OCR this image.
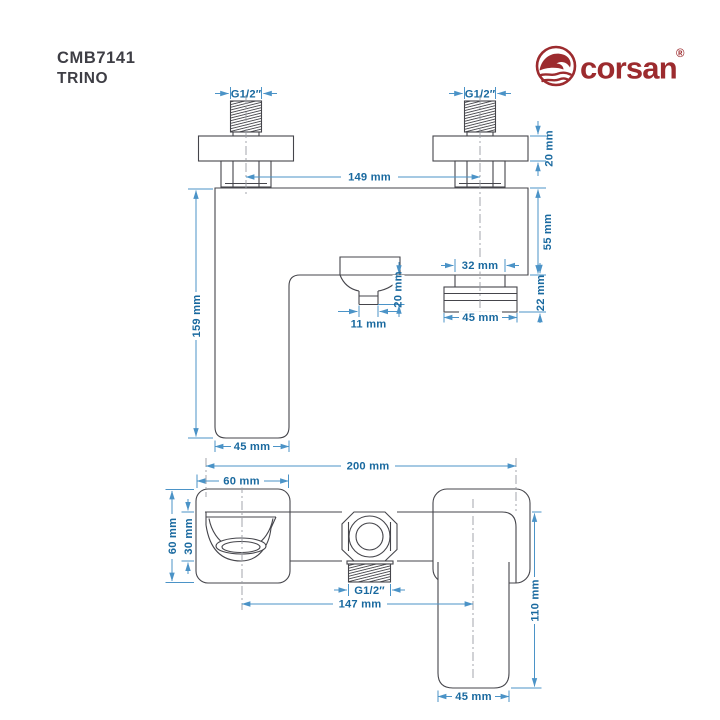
CMB7141
TRINO	corsan ®
G1/2″	G1/2″
149 mm
20 mm
55 mm
22 mm
32 mm
45 mm
20 mm
11 mm
159 mm
45 mm
200 mm
60 mm
60 mm 30 mm
G1/2″
147 mm	110 mm
45 mm
